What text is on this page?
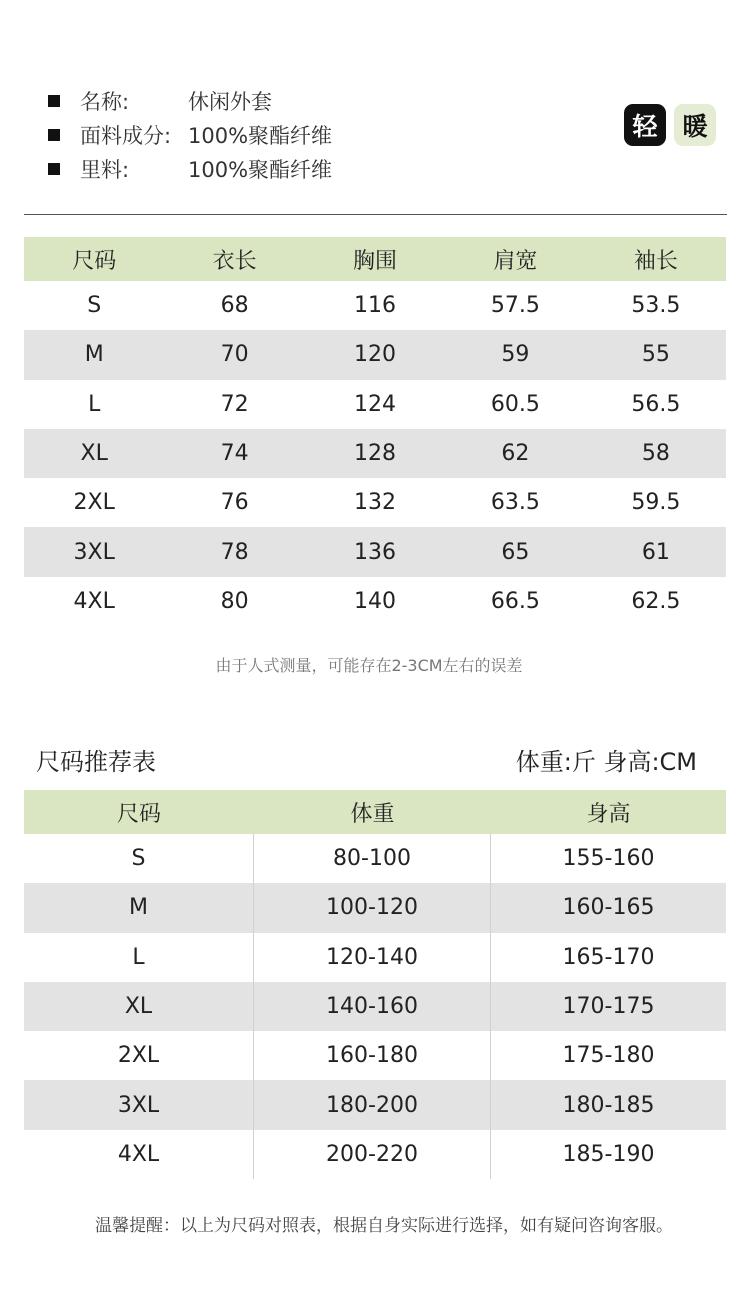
名称:	休闲外套
面料成分: 100%聚酯纤维
里料:	100%聚酯纤维
轻 暖
尺码	衣长	胸围	肩宽	袖长
S	68	116	57.5	53.5
M	70	120	59	55
L	72	124	60.5	56.5
XL	74	128	62	58
2XL	76	132	63.5	59.5
3XL	78	136	65	61
4XL	80	140	66.5	62.5
由于人式测量，可能存在2-3CM左右的误差
尺码推荐表	体重:斤 身高:CM
尺码	体重	身高
S	80-100	155-160
M	100-120	160-165
L	120-140	165-170
XL	140-160	170-175
2XL	160-180	175-180
3XL	180-200	180-185
4XL	200-220	185-190
温馨提醒：以上为尺码对照表，根据自身实际进行选择，如有疑问咨询客服。
